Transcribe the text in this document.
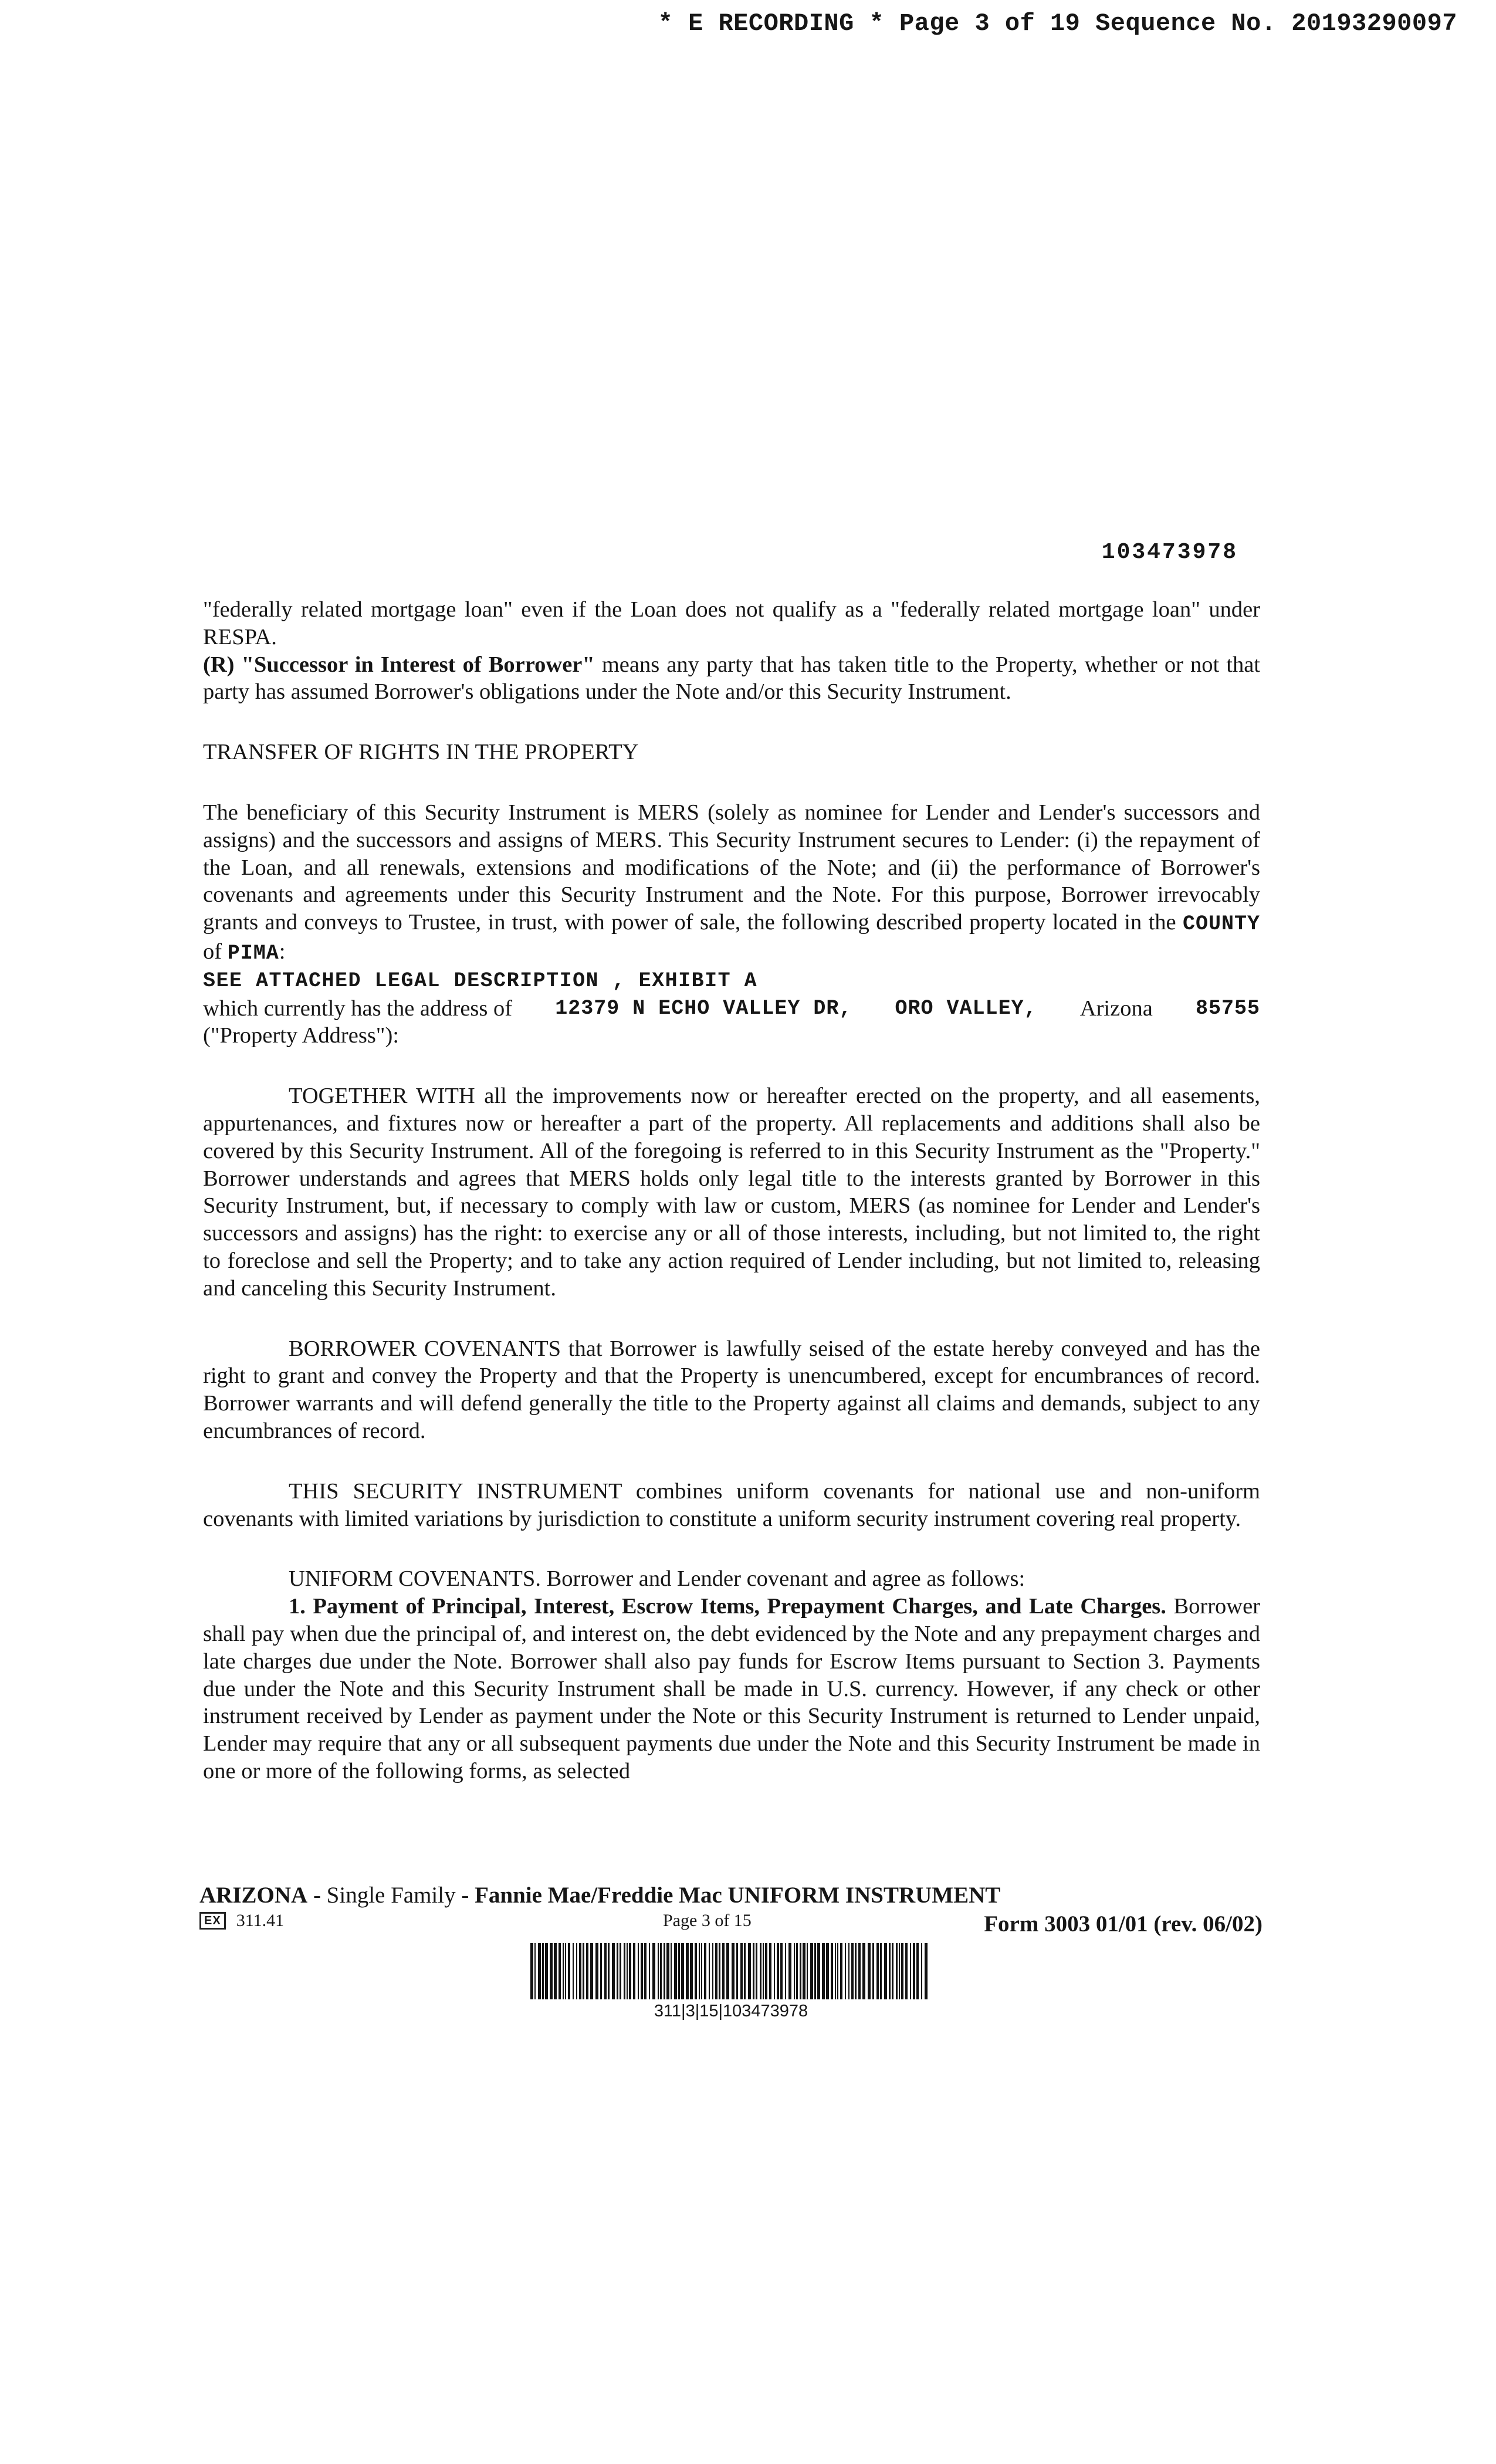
* E RECORDING * Page 3 of 19 Sequence No. 20193290097
103473978

"federally related mortgage loan" even if the Loan does not qualify as a "federally related mortgage loan" under RESPA.

(R) "Successor in Interest of Borrower" means any party that has taken title to the Property, whether or not that party has assumed Borrower's obligations under the Note and/or this Security Instrument.

TRANSFER OF RIGHTS IN THE PROPERTY

The beneficiary of this Security Instrument is MERS (solely as nominee for Lender and Lender's successors and assigns) and the successors and assigns of MERS. This Security Instrument secures to Lender: (i) the repayment of the Loan, and all renewals, extensions and modifications of the Note; and (ii) the performance of Borrower's covenants and agreements under this Security Instrument and the Note. For this purpose, Borrower irrevocably grants and conveys to Trustee, in trust, with power of sale, the following described property located in the COUNTY of PIMA:

SEE ATTACHED LEGAL DESCRIPTION , EXHIBIT A

which currently has the address of 12379 N ECHO VALLEY DR, ORO VALLEY, Arizona 85755

("Property Address"):

TOGETHER WITH all the improvements now or hereafter erected on the property, and all easements, appurtenances, and fixtures now or hereafter a part of the property. All replacements and additions shall also be covered by this Security Instrument. All of the foregoing is referred to in this Security Instrument as the "Property." Borrower understands and agrees that MERS holds only legal title to the interests granted by Borrower in this Security Instrument, but, if necessary to comply with law or custom, MERS (as nominee for Lender and Lender's successors and assigns) has the right: to exercise any or all of those interests, including, but not limited to, the right to foreclose and sell the Property; and to take any action required of Lender including, but not limited to, releasing and canceling this Security Instrument.

BORROWER COVENANTS that Borrower is lawfully seised of the estate hereby conveyed and has the right to grant and convey the Property and that the Property is unencumbered, except for encumbrances of record. Borrower warrants and will defend generally the title to the Property against all claims and demands, subject to any encumbrances of record.

THIS SECURITY INSTRUMENT combines uniform covenants for national use and non-uniform covenants with limited variations by jurisdiction to constitute a uniform security instrument covering real property.

UNIFORM COVENANTS. Borrower and Lender covenant and agree as follows:

1. Payment of Principal, Interest, Escrow Items, Prepayment Charges, and Late Charges. Borrower shall pay when due the principal of, and interest on, the debt evidenced by the Note and any prepayment charges and late charges due under the Note. Borrower shall also pay funds for Escrow Items pursuant to Section 3. Payments due under the Note and this Security Instrument shall be made in U.S. currency. However, if any check or other instrument received by Lender as payment under the Note or this Security Instrument is returned to Lender unpaid, Lender may require that any or all subsequent payments due under the Note and this Security Instrument be made in one or more of the following forms, as selected

ARIZONA - Single Family - Fannie Mae/Freddie Mac UNIFORM INSTRUMENT
EX 311.41	Page 3 of 15	Form 3003 01/01 (rev. 06/02)
311|3|15|103473978
